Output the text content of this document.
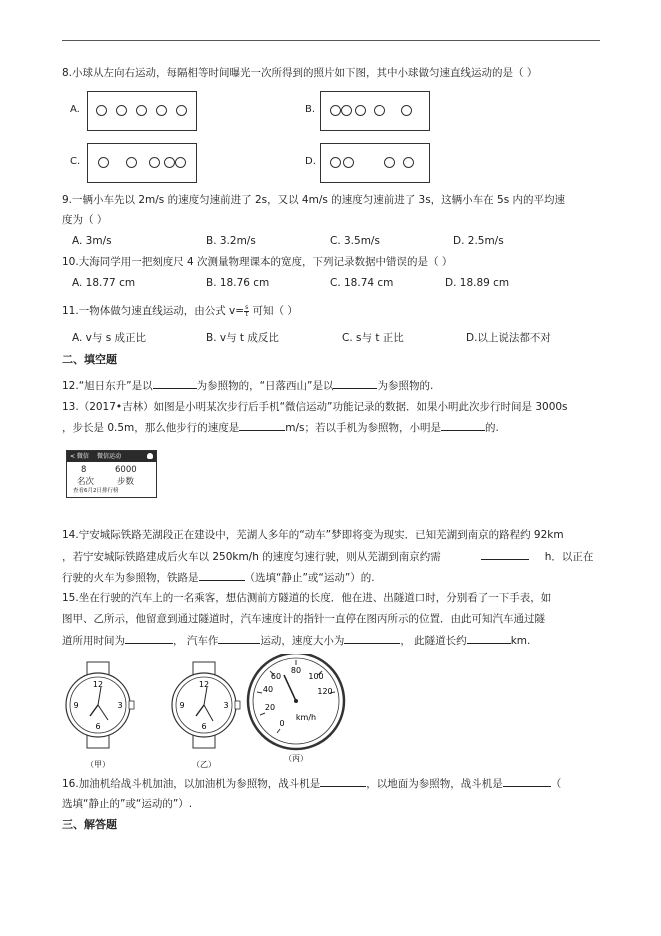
8.小球从左向右运动，每隔相等时间曝光一次所得到的照片如下图，其中小球做匀速直线运动的是（ ）
A.	B.
C.	D.
9.一辆小车先以 2m/s 的速度匀速前进了 2s，又以 4m/s 的速度匀速前进了 3s，这辆小车在 5s 内的平均速
度为（ ）
A. 3m/s	B. 3.2m/s	C. 3.5m/s	D. 2.5m/s
10.大海同学用一把刻度尺 4 次测量物理课本的宽度，下列记录数据中错误的是（ ）
A. 18.77 cm	B. 18.76 cm	C. 18.74 cm	D. 18.89 cm
11.一物体做匀速直线运动，由公式 $v= \frac{s}{t}$ 可知（ ）
A. v与 s 成正比	B. v与 t 成反比	C. s与 t 正比	D.以上说法都不对
二、填空题
12.“旭日东升”是以	为参照物的，“日落西山”是以	为参照物的.
13.（2017•吉林）如图是小明某次步行后手机“微信运动”功能记录的数据．如果小明此次步行时间是 3000s
，步长是 0.5m，那么他步行的速度是	m/s；若以手机为参照物，小明是	的.
< 微信 微信运动
8	6000
名次	步数
查看6月2日排行榜
14.宁安城际铁路芜湖段正在建设中，芜湖人多年的“动车”梦即将变为现实．已知芜湖到南京的路程约 92km
，若宁安城际铁路建成后火车以 250km/h 的速度匀速行驶，则从芜湖到南京约需	h．以正在
行驶的火车为参照物，铁路是	（选填“静止”或“运动”）的.
15.坐在行驶的汽车上的一名乘客，想估测前方隧道的长度．他在进、出隧道口时，分别看了一下手表，如
图甲、乙所示，他留意到通过隧道时，汽车速度计的指针一直停在图丙所示的位置．由此可知汽车通过隧
道所用时间为	， 汽车作	运动，速度大小为	， 此隧道长约	km.
12
3
6
9
（甲）
12
3
6
9
（乙）
0
20
40
60
80
100
120
km/h
（丙）
16.加油机给战斗机加油，以加油机为参照物，战斗机是	，以地面为参照物，战斗机是	（
选填“静止的”或“运动的”）.
三、解答题
